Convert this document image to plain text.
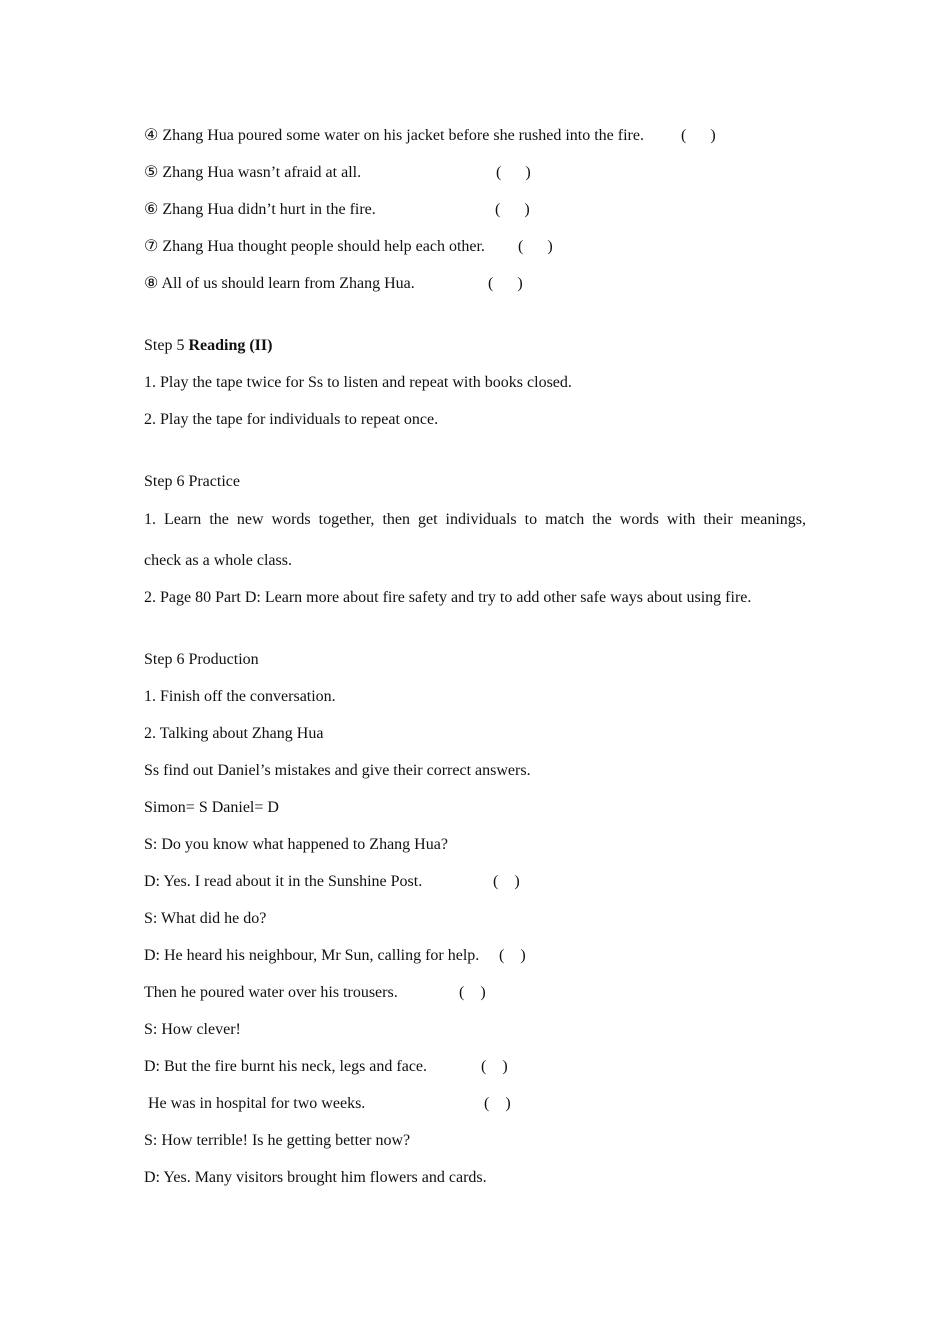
④ Zhang Hua poured some water on his jacket before she rushed into the fire. (      )
⑤ Zhang Hua wasn’t afraid at all.	(      )
⑥ Zhang Hua didn’t hurt in the fire.	(      )
⑦ Zhang Hua thought people should help each other. (      )
⑧ All of us should learn from Zhang Hua.	(      )
Step 5 Reading (II)
1. Play the tape twice for Ss to listen and repeat with books closed.
2. Play the tape for individuals to repeat once.
Step 6 Practice
1. Learn the new words together, then get individuals to match the words with their meanings,
check as a whole class.
2. Page 80 Part D: Learn more about fire safety and try to add other safe ways about using fire.
Step 6 Production
1. Finish off the conversation.
2. Talking about Zhang Hua
Ss find out Daniel’s mistakes and give their correct answers.
Simon= S Daniel= D
S: Do you know what happened to Zhang Hua?
D: Yes. I read about it in the Sunshine Post.	(    )
S: What did he do?
D: He heard his neighbour, Mr Sun, calling for help. (    )
Then he poured water over his trousers.	(    )
S: How clever!
D: But the fire burnt his neck, legs and face.	(    )
He was in hospital for two weeks.	(    )
S: How terrible! Is he getting better now?
D: Yes. Many visitors brought him flowers and cards.
